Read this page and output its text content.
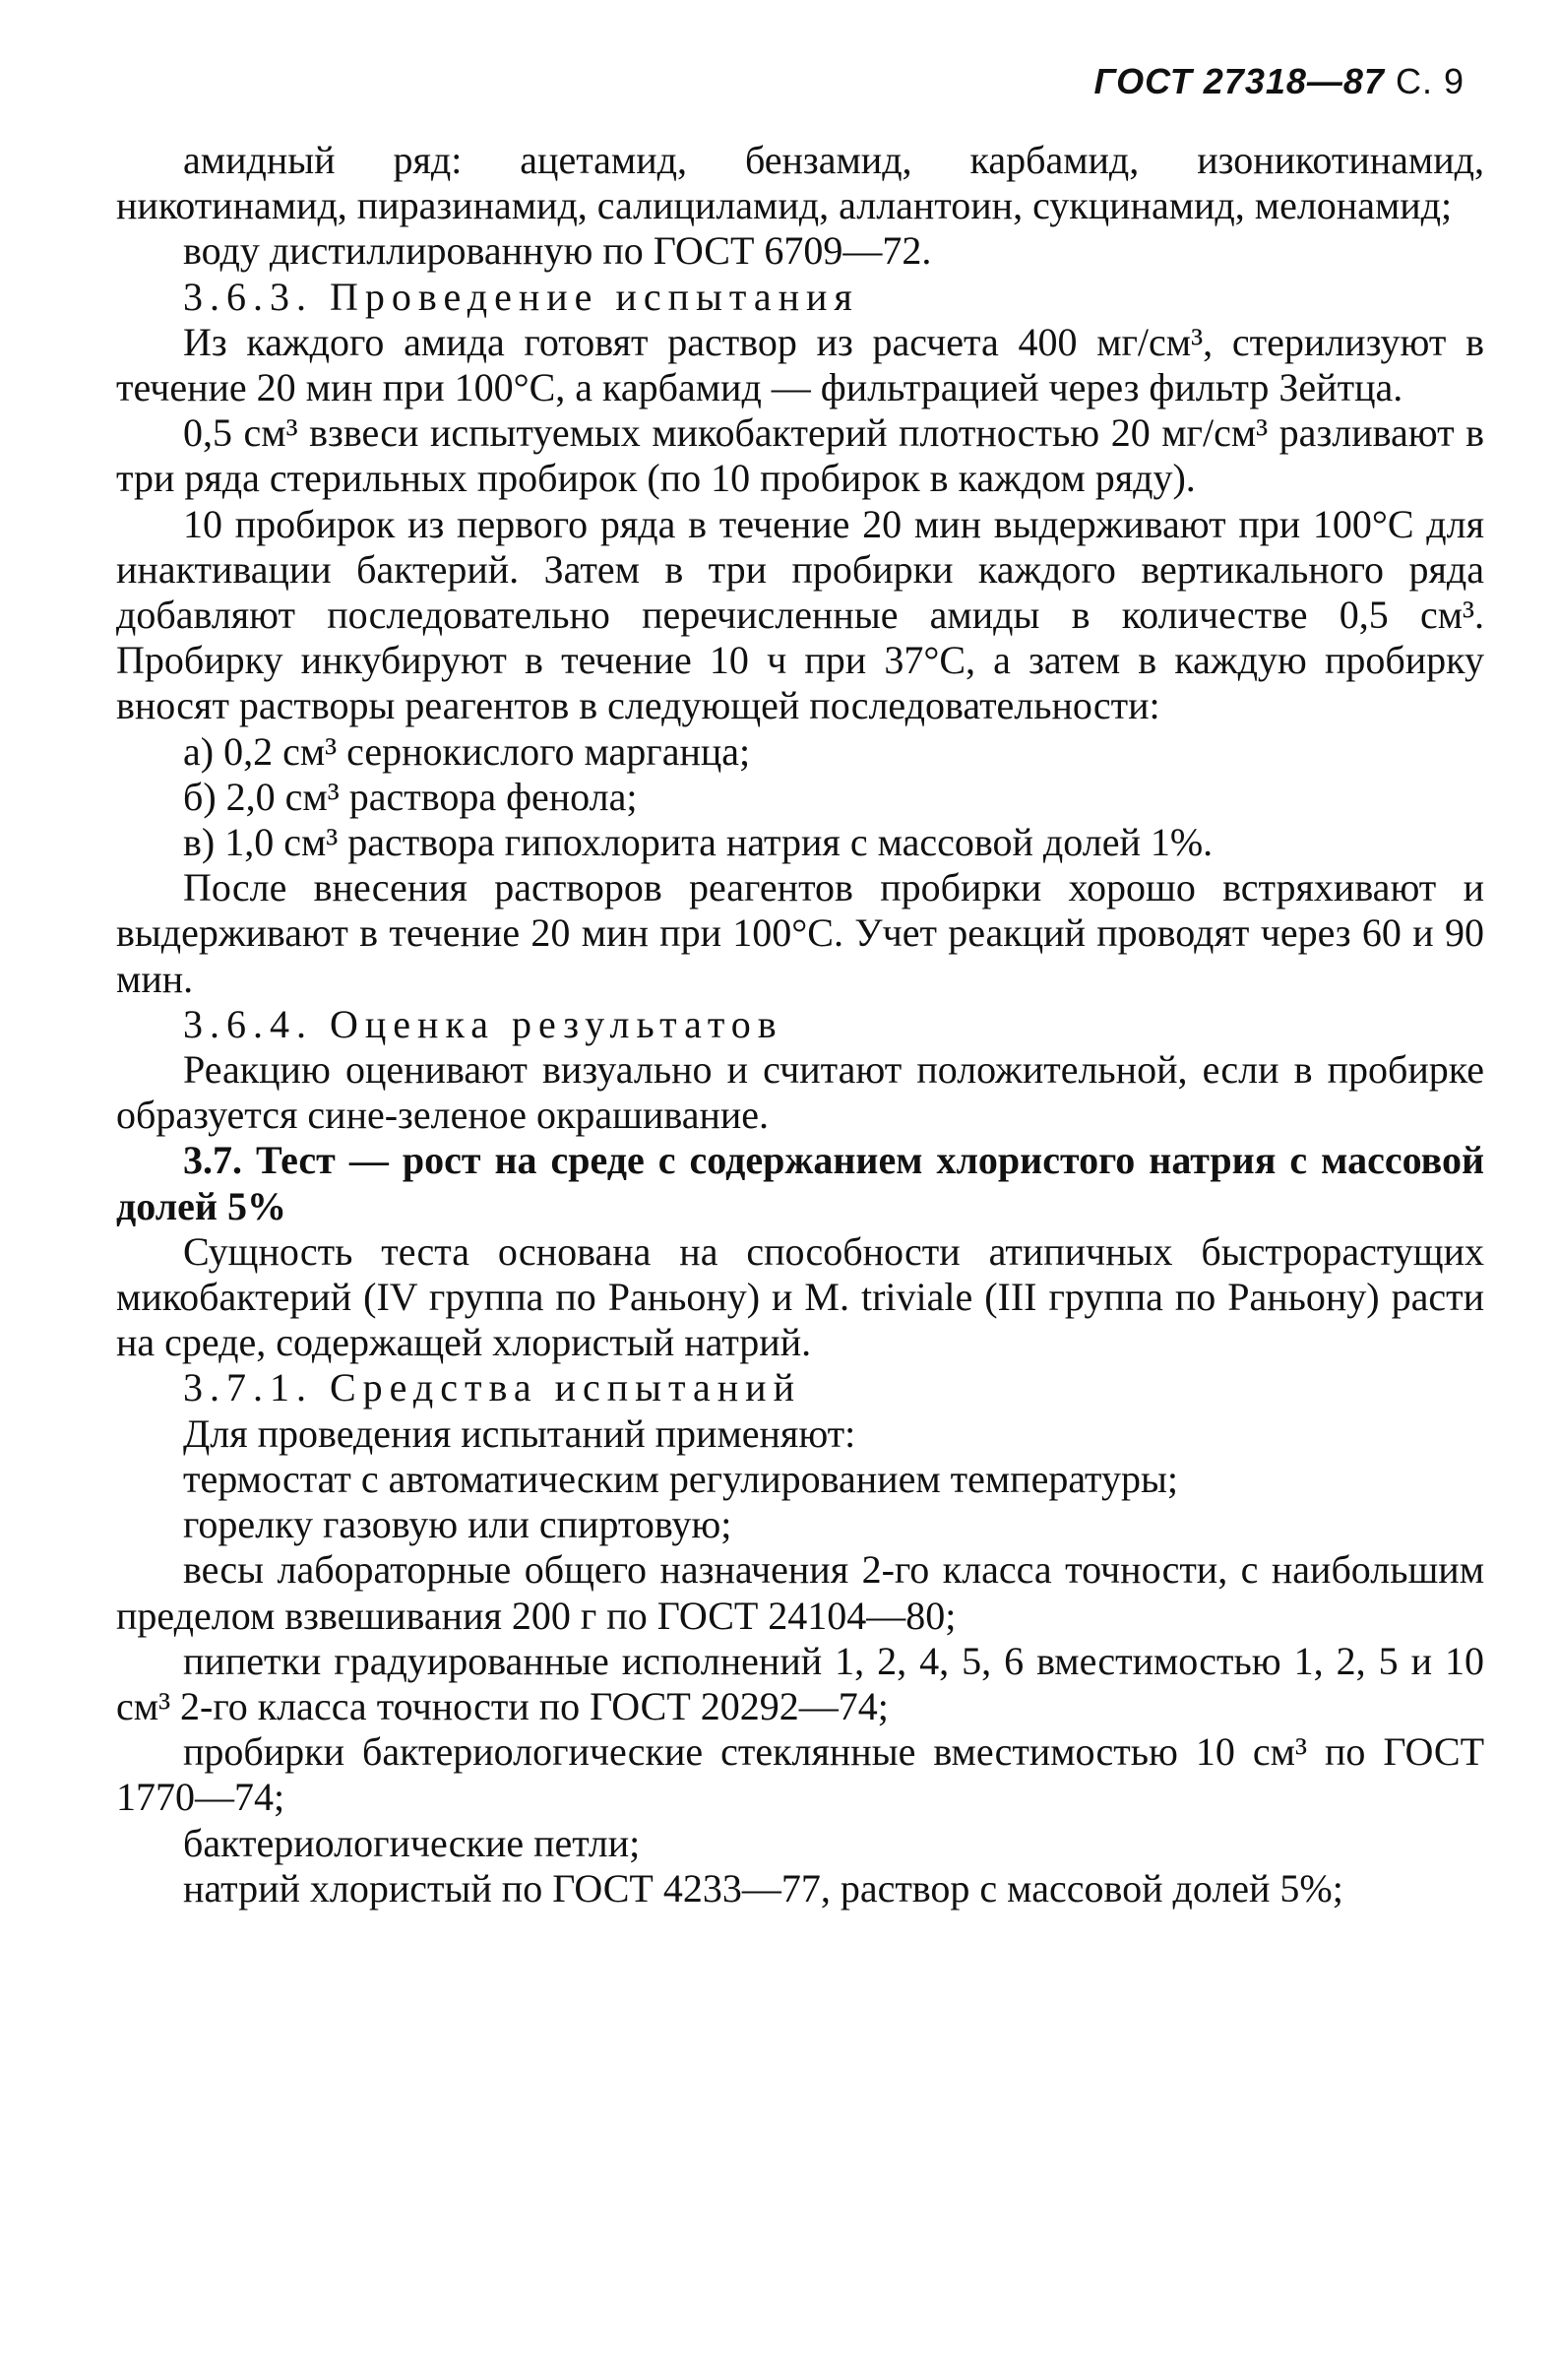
ГОСТ 27318—87 С. 9

амидный ряд: ацетамид, бензамид, карбамид, изоникотинамид, никотинамид, пиразинамид, салициламид, аллантоин, сукцинамид, мелонамид;

воду дистиллированную по ГОСТ 6709—72.

3.6.3. Проведение испытания

Из каждого амида готовят раствор из расчета 400 мг/см³, стерилизуют в течение 20 мин при 100°С, а карбамид — фильтрацией через фильтр Зейтца.

0,5 см³ взвеси испытуемых микобактерий плотностью 20 мг/см³ разливают в три ряда стерильных пробирок (по 10 пробирок в каждом ряду).

10 пробирок из первого ряда в течение 20 мин выдерживают при 100°С для инактивации бактерий. Затем в три пробирки каждого вертикального ряда добавляют последовательно перечисленные амиды в количестве 0,5 см³. Пробирку инкубируют в течение 10 ч при 37°С, а затем в каждую пробирку вносят растворы реагентов в следующей последовательности:

а) 0,2 см³ сернокислого марганца;

б) 2,0 см³ раствора фенола;

в) 1,0 см³ раствора гипохлорита натрия с массовой долей 1%.

После внесения растворов реагентов пробирки хорошо встряхивают и выдерживают в течение 20 мин при 100°С. Учет реакций проводят через 60 и 90 мин.

3.6.4. Оценка результатов

Реакцию оценивают визуально и считают положительной, если в пробирке образуется сине-зеленое окрашивание.

3.7. Тест — рост на среде с содержанием хлористого натрия с массовой долей 5%

Сущность теста основана на способности атипичных быстрорастущих микобактерий (IV группа по Раньону) и M. triviale (III группа по Раньону) расти на среде, содержащей хлористый натрий.

3.7.1. Средства испытаний

Для проведения испытаний применяют:

термостат с автоматическим регулированием температуры;

горелку газовую или спиртовую;

весы лабораторные общего назначения 2-го класса точности, с наибольшим пределом взвешивания 200 г по ГОСТ 24104—80;

пипетки градуированные исполнений 1, 2, 4, 5, 6 вместимостью 1, 2, 5 и 10 см³ 2-го класса точности по ГОСТ 20292—74;

пробирки бактериологические стеклянные вместимостью 10 см³ по ГОСТ 1770—74;

бактериологические петли;

натрий хлористый по ГОСТ 4233—77, раствор с массовой долей 5%;
